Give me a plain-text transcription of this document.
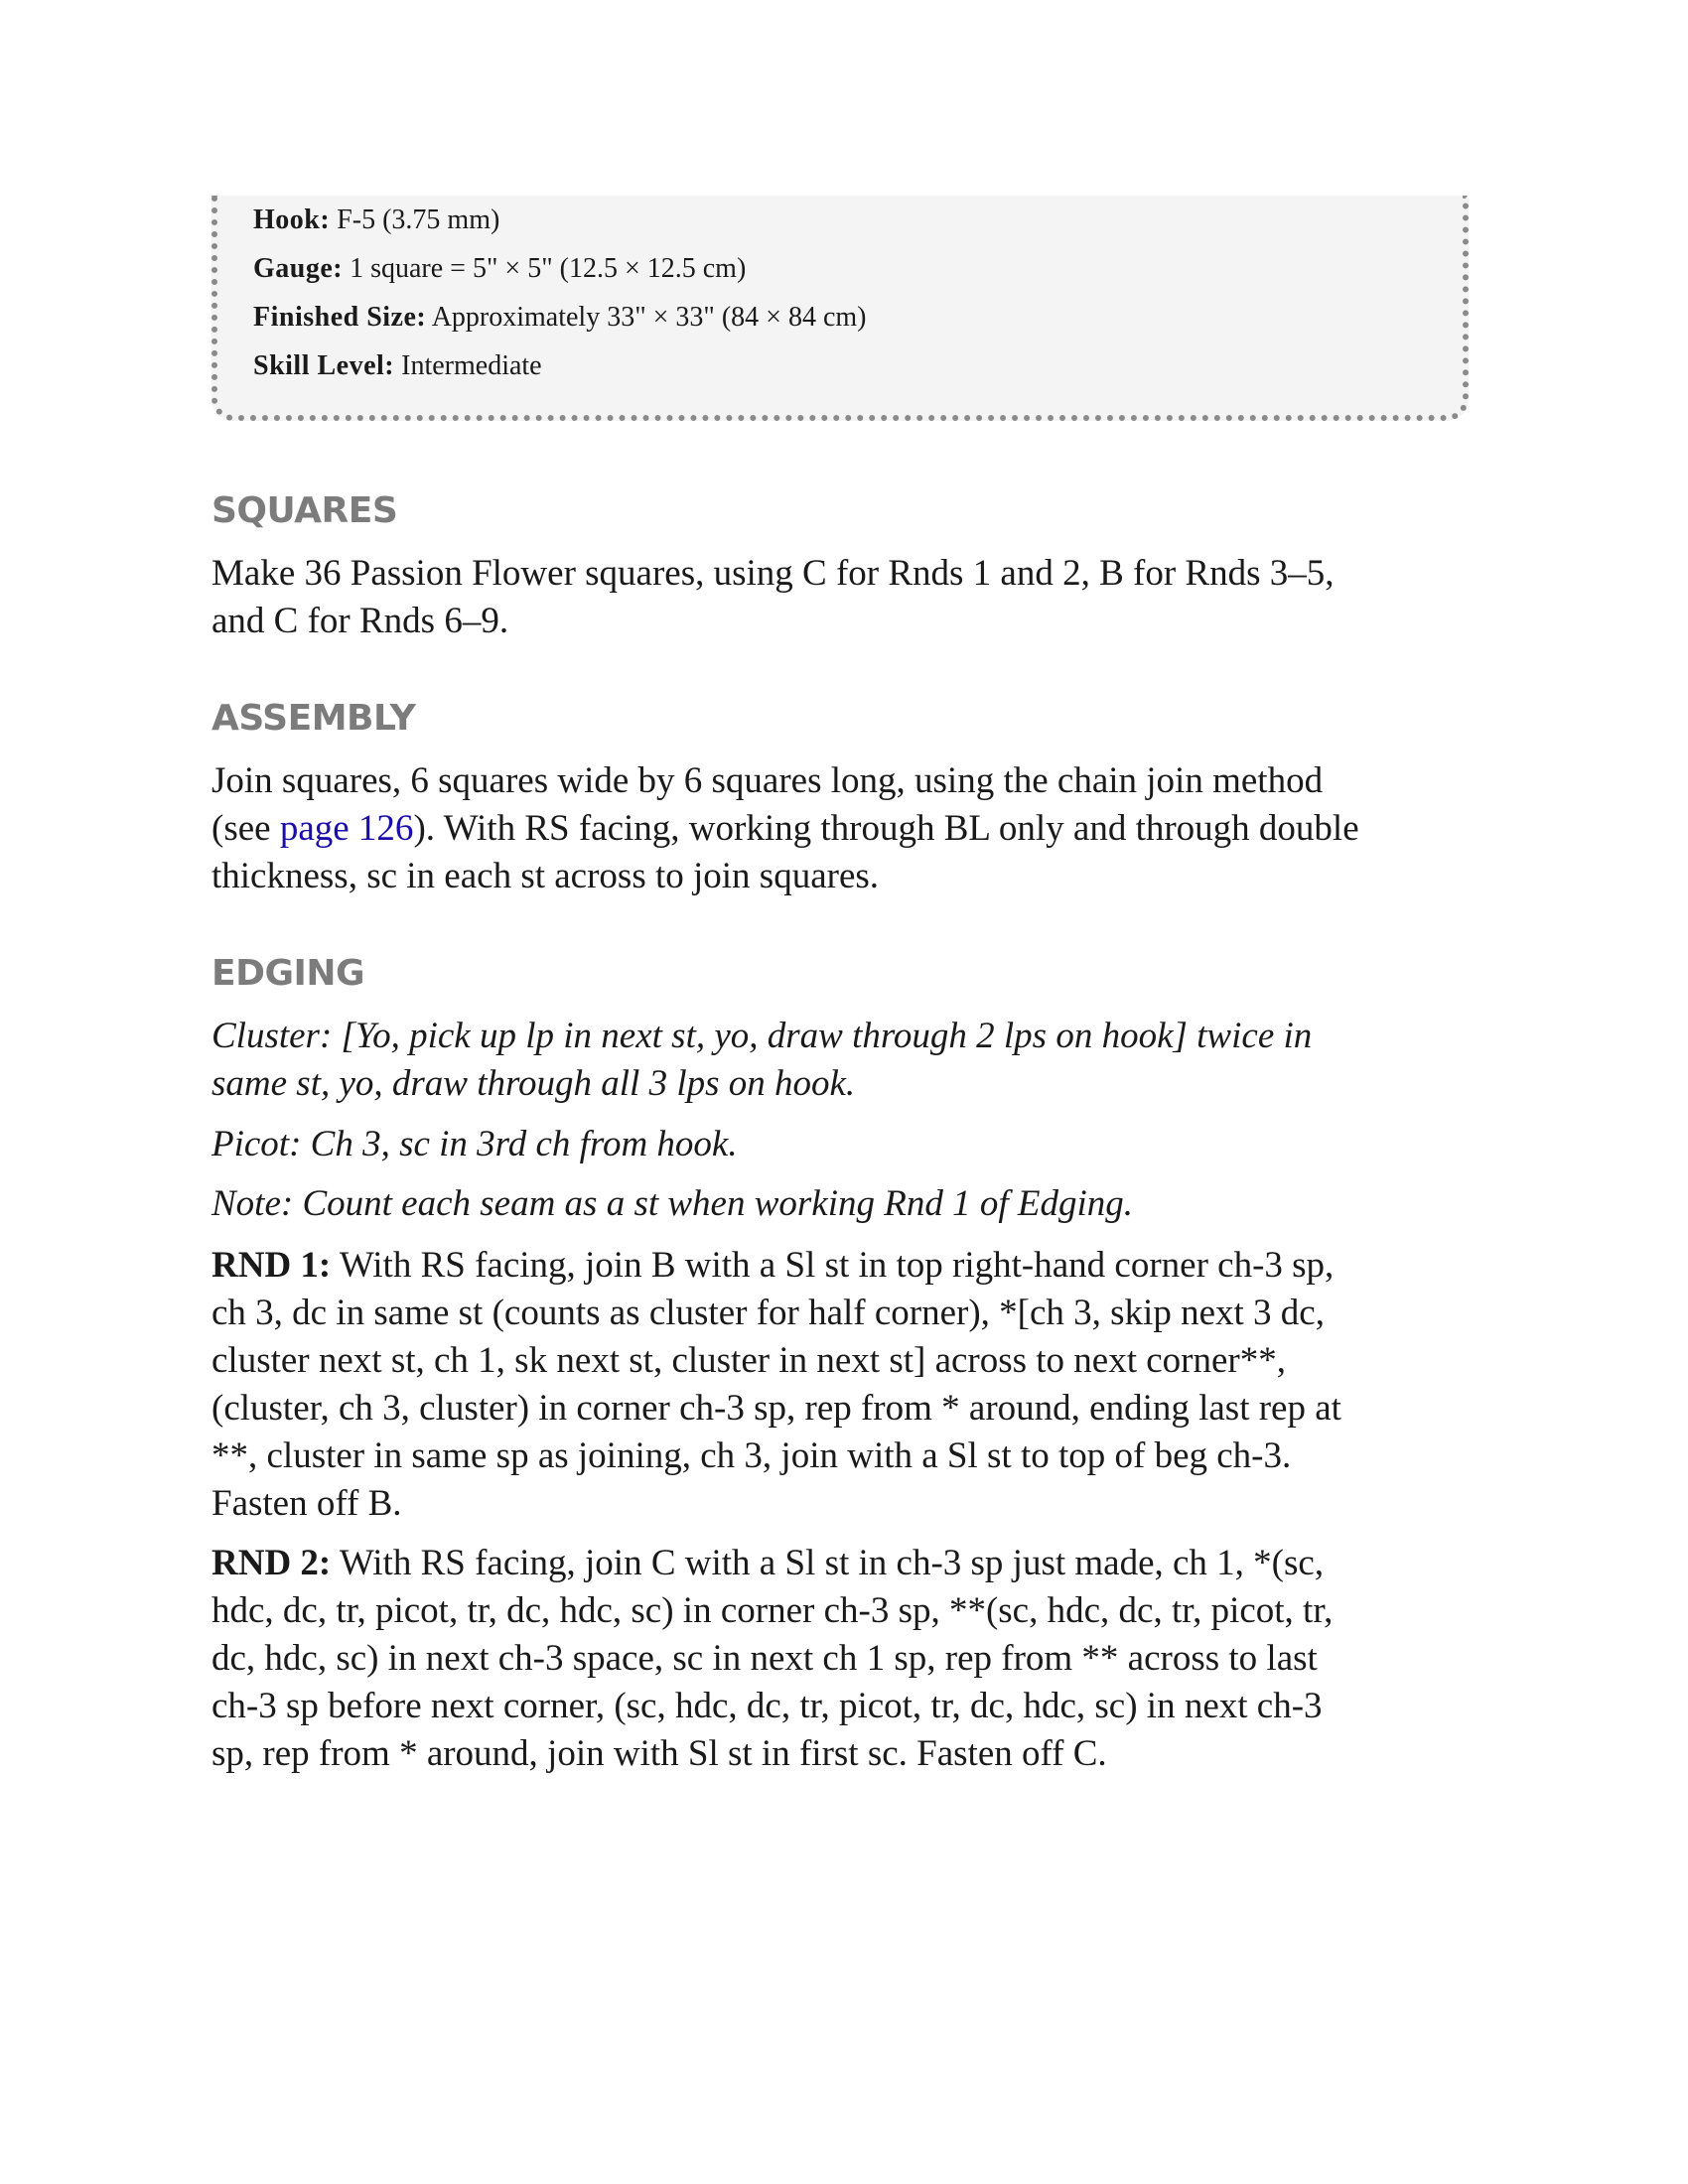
Hook: F-5 (3.75 mm)
Gauge: 1 square = 5" × 5" (12.5 × 12.5 cm)
Finished Size: Approximately 33" × 33" (84 × 84 cm)
Skill Level: Intermediate
SQUARES

Make 36 Passion Flower squares, using C for Rnds 1 and 2, B for Rnds 3–5,
and C for Rnds 6–9.

ASSEMBLY

Join squares, 6 squares wide by 6 squares long, using the chain join method
(see page 126). With RS facing, working through BL only and through double
thickness, sc in each st across to join squares.

EDGING

Cluster: [Yo, pick up lp in next st, yo, draw through 2 lps on hook] twice in
same st, yo, draw through all 3 lps on hook.

Picot: Ch 3, sc in 3rd ch from hook.

Note: Count each seam as a st when working Rnd 1 of Edging.

RND 1: With RS facing, join B with a Sl st in top right-hand corner ch-3 sp,
ch 3, dc in same st (counts as cluster for half corner), *[ch 3, skip next 3 dc,
cluster next st, ch 1, sk next st, cluster in next st] across to next corner**,
(cluster, ch 3, cluster) in corner ch-3 sp, rep from * around, ending last rep at
**, cluster in same sp as joining, ch 3, join with a Sl st to top of beg ch-3.
Fasten off B.

RND 2: With RS facing, join C with a Sl st in ch-3 sp just made, ch 1, *(sc,
hdc, dc, tr, picot, tr, dc, hdc, sc) in corner ch-3 sp, **(sc, hdc, dc, tr, picot, tr,
dc, hdc, sc) in next ch-3 space, sc in next ch 1 sp, rep from ** across to last
ch-3 sp before next corner, (sc, hdc, dc, tr, picot, tr, dc, hdc, sc) in next ch-3
sp, rep from * around, join with Sl st in first sc. Fasten off C.
